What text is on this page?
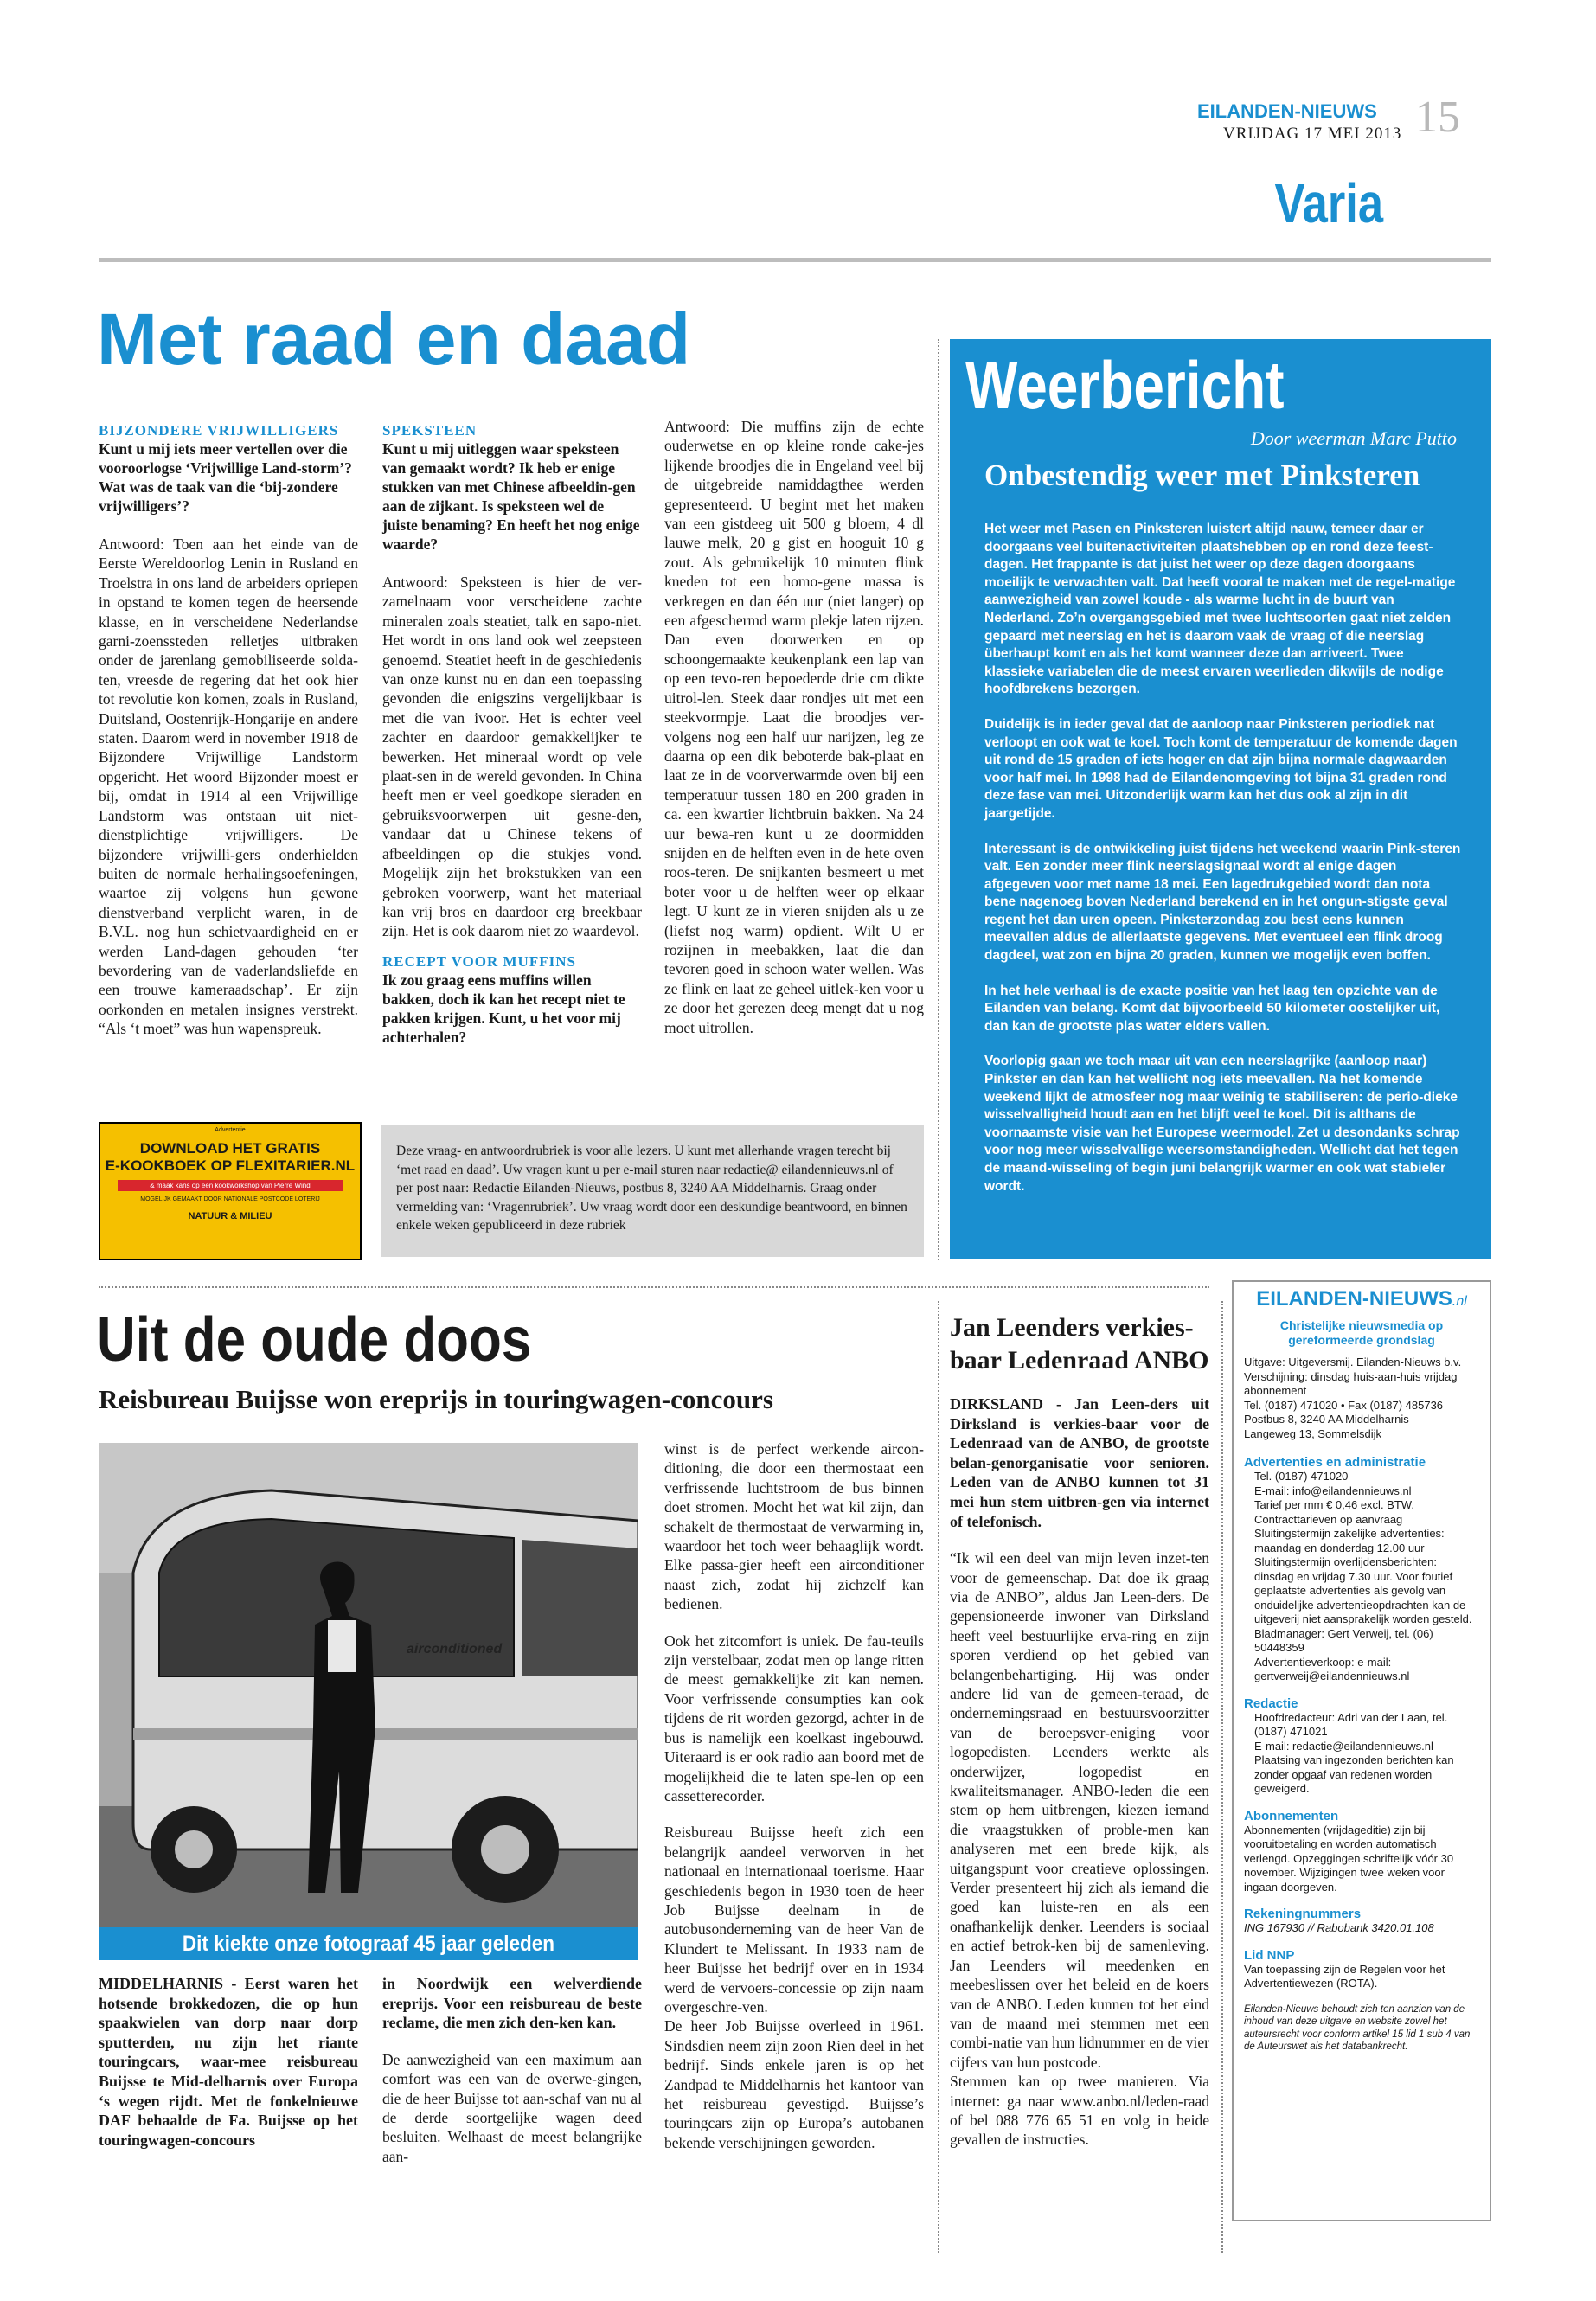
EILANDEN-NIEUWS
VRIJDAG 17 MEI 2013 15
Varia
Met raad en daad
BIJZONDERE VRIJWILLIGERS
Kunt u mij iets meer vertellen over die vooroorlogse ‘Vrijwillige Land-storm’? Wat was de taak van die ‘bij-zondere vrijwilligers’?
Antwoord: Toen aan het einde van de Eerste Wereldoorlog Lenin in Rusland en Troelstra in ons land de arbeiders opriepen in opstand te komen tegen de heersende klasse, en in verscheidene Nederlandse garni-zoenssteden relletjes uitbraken onder de jarenlang gemobiliseerde solda-ten, vreesde de regering dat het ook hier tot revolutie kon komen, zoals in Rusland, Duitsland, Oostenrijk-Hongarije en andere staten. Daarom werd in november 1918 de Bijzondere Vrijwillige Landstorm opgericht. Het woord Bijzonder moest er bij, omdat in 1914 al een Vrijwillige Landstorm was ontstaan uit niet-dienstplichtige vrijwilligers. De bijzondere vrijwilli-gers onderhielden buiten de normale herhalingsoefeningen, waartoe zij volgens hun gewone dienstverband verplicht waren, in de B.V.L. nog hun schietvaardigheid en er werden Land-dagen gehouden ‘ter bevordering van de vaderlandsliefde en een trouwe kameraadschap’. Er zijn oorkonden en metalen insignes verstrekt. “Als ‘t moet” was hun wapenspreuk.
SPEKSTEEN
Kunt u mij uitleggen waar speksteen van gemaakt wordt? Ik heb er enige stukken van met Chinese afbeeldin-gen aan de zijkant. Is speksteen wel de juiste benaming? En heeft het nog enige waarde?
Antwoord: Speksteen is hier de ver-zamelnaam voor verscheidene zachte mineralen zoals steatiet, talk en sapo-niet. Het wordt in ons land ook wel zeepsteen genoemd. Steatiet heeft in de geschiedenis van onze kunst nu en dan een toepassing gevonden die enigszins vergelijkbaar is met die van ivoor. Het is echter veel zachter en daardoor gemakkelijker te bewerken. Het mineraal wordt op vele plaat-sen in de wereld gevonden. In China heeft men er veel goedkope sieraden en gebruiksvoorwerpen uit gesne-den, vandaar dat u Chinese tekens of afbeeldingen op die stukjes vond. Mogelijk zijn het brokstukken van een gebroken voorwerp, want het materiaal kan vrij bros en daardoor erg breekbaar zijn. Het is ook daarom niet zo waardevol.
RECEPT VOOR MUFFINS
Ik zou graag eens muffins willen bakken, doch ik kan het recept niet te pakken krijgen. Kunt, u het voor mij achterhalen?
Antwoord: Die muffins zijn de echte ouderwetse en op kleine ronde cake-jes lijkende broodjes die in Engeland veel bij de uitgebreide namiddagthee werden gepresenteerd. U begint met het maken van een gistdeeg uit 500 g bloem, 4 dl lauwe melk, 20 g gist en hooguit 10 g zout. Als gebruikelijk 10 minuten flink kneden tot een homo-gene massa is verkregen en dan één uur (niet langer) op een afgeschermd warm plekje laten rijzen. Dan even doorwerken en op schoongemaakte keukenplank een lap van op een tevo-ren bepoederde drie cm dikte uitrol-len. Steek daar rondjes uit met een steekvormpje. Laat die broodjes ver-volgens nog een half uur narijzen, leg ze daarna op een dik beboterde bak-plaat en laat ze in de voorverwarmde oven bij een temperatuur tussen 180 en 200 graden in ca. een kwartier lichtbruin bakken. Na 24 uur bewa-ren kunt u ze doormidden snijden en de helften even in de hete oven roos-teren. De snijkanten besmeert u met boter voor u de helften weer op elkaar legt. U kunt ze in vieren snijden als u ze (liefst nog warm) opdient. Wilt U er rozijnen in meebakken, laat die dan tevoren goed in schoon water wellen. Was ze flink en laat ze geheel uitlek-ken voor u ze door het gerezen deeg mengt dat u nog moet uitrollen.
Advertentie
DOWNLOAD HET GRATIS
E-KOOKBOEK OP FLEXITARIER.NL
& maak kans op een kookworkshop van Pierre Wind
MOGELIJK GEMAAKT DOOR NATIONALE POSTCODE LOTERIJ
NATUUR & MILIEU
Deze vraag- en antwoordrubriek is voor alle lezers. U kunt met allerhande vragen terecht bij ‘met raad en daad’. Uw vragen kunt u per e-mail sturen naar redactie@ eilandennieuws.nl of per post naar: Redactie Eilanden-Nieuws, postbus 8, 3240 AA Middelharnis. Graag onder vermelding van: ‘Vragenrubriek’. Uw vraag wordt door een deskundige beantwoord, en binnen enkele weken gepubliceerd in deze rubriek
Weerbericht
Door weerman Marc Putto
Onbestendig weer met Pinksteren

Het weer met Pasen en Pinksteren luistert altijd nauw, temeer daar er doorgaans veel buitenactiviteiten plaatshebben op en rond deze feest-dagen. Het frappante is dat juist het weer op deze dagen doorgaans moeilijk te verwachten valt. Dat heeft vooral te maken met de regel-matige aanwezigheid van zowel koude - als warme lucht in de buurt van Nederland. Zo’n overgangsgebied met twee luchtsoorten gaat niet zelden gepaard met neerslag en het is daarom vaak de vraag of die neerslag überhaupt komt en als het komt wanneer deze dan arriveert. Twee klassieke variabelen die de meest ervaren weerlieden dikwijls de nodige hoofdbrekens bezorgen.

Duidelijk is in ieder geval dat de aanloop naar Pinksteren periodiek nat verloopt en ook wat te koel. Toch komt de temperatuur de komende dagen uit rond de 15 graden of iets hoger en dat zijn bijna normale dagwaarden voor half mei. In 1998 had de Eilandenomgeving tot bijna 31 graden rond deze fase van mei. Uitzonderlijk warm kan het dus ook al zijn in dit jaargetijde.

Interessant is de ontwikkeling juist tijdens het weekend waarin Pink-steren valt. Een zonder meer flink neerslagsignaal wordt al enige dagen afgegeven voor met name 18 mei. Een lagedrukgebied wordt dan nota bene nagenoeg boven Nederland berekend en in het ongun-stigste geval regent het dan uren opeen. Pinksterzondag zou best eens kunnen meevallen aldus de allerlaatste gegevens. Met eventueel een flink droog dagdeel, wat zon en bijna 20 graden, kunnen we mogelijk even boffen.

In het hele verhaal is de exacte positie van het laag ten opzichte van de Eilanden van belang. Komt dat bijvoorbeeld 50 kilometer oostelijker uit, dan kan de grootste plas water elders vallen.

Voorlopig gaan we toch maar uit van een neerslagrijke (aanloop naar) Pinkster en dan kan het wellicht nog iets meevallen. Na het komende weekend lijkt de atmosfeer nog maar weinig te stabiliseren: de perio-dieke wisselvalligheid houdt aan en het blijft veel te koel. Dit is althans de voornaamste visie van het Europese weermodel. Zet u desondanks schrap voor nog meer wisselvallige weersomstandigheden. Wellicht dat het tegen de maand-wisseling of begin juni belangrijk warmer en ook wat stabieler wordt.

Uit de oude doos
Reisbureau Buijsse won ereprijs in touringwagen-concours
airconditioned
Dit kiekte onze fotograaf 45 jaar geleden
MIDDELHARNIS - Eerst waren het hotsende brokkedozen, die op hun spaakwielen van dorp naar dorp sputterden, nu zijn het riante touringcars, waar-mee reisbureau Buijsse te Mid-delharnis over Europa ‘s wegen rijdt. Met de fonkelnieuwe DAF behaalde de Fa. Buijsse op het touringwagen-concours
in Noordwijk een welverdiende ereprijs. Voor een reisbureau de beste reclame, die men zich den-ken kan.
De aanwezigheid van een maximum aan comfort was een van de overwe-gingen, die de heer Buijsse tot aan-schaf van nu al de derde soortgelijke wagen deed besluiten. Welhaast de meest belangrijke aan-
winst is de perfect werkende aircon-ditioning, die door een thermostaat een verfrissende luchtstroom de bus binnen doet stromen. Mocht het wat kil zijn, dan schakelt de thermostaat de verwarming in, waardoor het toch weer behaaglijk wordt. Elke passa-gier heeft een airconditioner naast zich, zodat hij zichzelf kan bedienen.
Ook het zitcomfort is uniek. De fau-teuils zijn verstelbaar, zodat men op lange ritten de meest gemakkelijke zit kan nemen. Voor verfrissende consumpties kan ook tijdens de rit worden gezorgd, achter in de bus is namelijk een koelkast ingebouwd. Uiteraard is er ook radio aan boord met de mogelijkheid die te laten spe-len op een cassetterecorder.
Reisbureau Buijsse heeft zich een belangrijk aandeel verworven in het nationaal en internationaal toerisme. Haar geschiedenis begon in 1930 toen de heer Job Buijsse deelnam in de autobusonderneming van de heer Van de Klundert te Melissant. In 1933 nam de heer Buijsse het bedrijf over en in 1934 werd de vervoers-concessie op zijn naam overgeschre-ven.
De heer Job Buijsse overleed in 1961. Sindsdien neem zijn zoon Rien deel in het bedrijf. Sinds enkele jaren is op het Zandpad te Middelharnis het kantoor van het reisbureau gevestigd. Buijsse’s touringcars zijn op Europa’s autobanen bekende verschijningen geworden.
Jan Leenders verkies-baar Ledenraad ANBO
DIRKSLAND - Jan Leen-ders uit Dirksland is verkies-baar voor de Ledenraad van de ANBO, de grootste belan-genorganisatie voor senioren. Leden van de ANBO kunnen tot 31 mei hun stem uitbren-gen via internet of telefonisch.
“Ik wil een deel van mijn leven inzet-ten voor de gemeenschap. Dat doe ik graag via de ANBO”, aldus Jan Leen-ders. De gepensioneerde inwoner van Dirksland heeft veel bestuurlijke erva-ring en zijn sporen verdiend op het gebied van belangenbehartiging. Hij was onder andere lid van de gemeen-teraad, de ondernemingsraad en bestuursvoorzitter van de beroepsver-eniging voor logopedisten. Leenders werkte als onderwijzer, logopedist en kwaliteitsmanager. ANBO-leden die een stem op hem uitbrengen, kiezen iemand die vraagstukken of proble-men kan analyseren met een brede kijk, als uitgangspunt voor creatieve oplossingen. Verder presenteert hij zich als iemand die goed kan luiste-ren en als een onafhankelijk denker. Leenders is sociaal en actief betrok-ken bij de samenleving. Jan Leenders wil meedenken en meebeslissen over het beleid en de koers van de ANBO. Leden kunnen tot het eind van de maand mei stemmen met een combi-natie van hun lidnummer en de vier cijfers van hun postcode.
Stemmen kan op twee manieren. Via internet: ga naar www.anbo.nl/leden-raad of bel 088 776 65 51 en volg in beide gevallen de instructies.
EILANDEN-NIEUWS.nl
Christelijke nieuwsmedia op gereformeerde grondslag
Uitgave: Uitgeversmij. Eilanden-Nieuws b.v.
Verschijning: dinsdag huis-aan-huis vrijdag abonnement
Tel. (0187) 471020 • Fax (0187) 485736
Postbus 8, 3240 AA Middelharnis
Langeweg 13, Sommelsdijk
Advertenties en administratie
Tel. (0187) 471020
E-mail: info@eilandennieuws.nl
Tarief per mm € 0,46 excl. BTW. Contracttarieven op aanvraag
Sluitingstermijn zakelijke advertenties: maandag en donderdag 12.00 uur
Sluitingstermijn overlijdensberichten: dinsdag en vrijdag 7.30 uur. Voor foutief geplaatste advertenties als gevolg van onduidelijke advertentieopdrachten kan de uitgeverij niet aansprakelijk worden gesteld.
Bladmanager: Gert Verweij, tel. (06) 50448359
Advertentieverkoop: e-mail: gertverweij@eilandennieuws.nl
Redactie
Hoofdredacteur: Adri van der Laan, tel. (0187) 471021
E-mail: redactie@eilandennieuws.nl Plaatsing van ingezonden berichten kan zonder opgaaf van redenen worden geweigerd.
Abonnementen
Abonnementen (vrijdageditie) zijn bij vooruitbetaling en worden automatisch verlengd. Opzeggingen schriftelijk vóór 30 november. Wijzigingen twee weken voor ingaan doorgeven.
Rekeningnummers
ING 167930 // Rabobank 3420.01.108
Lid NNP
Van toepassing zijn de Regelen voor het Advertentiewezen (ROTA).
Eilanden-Nieuws behoudt zich ten aanzien van de inhoud van deze uitgave en website zowel het auteursrecht voor conform artikel 15 lid 1 sub 4 van de Auteurswet als het databankrecht.
